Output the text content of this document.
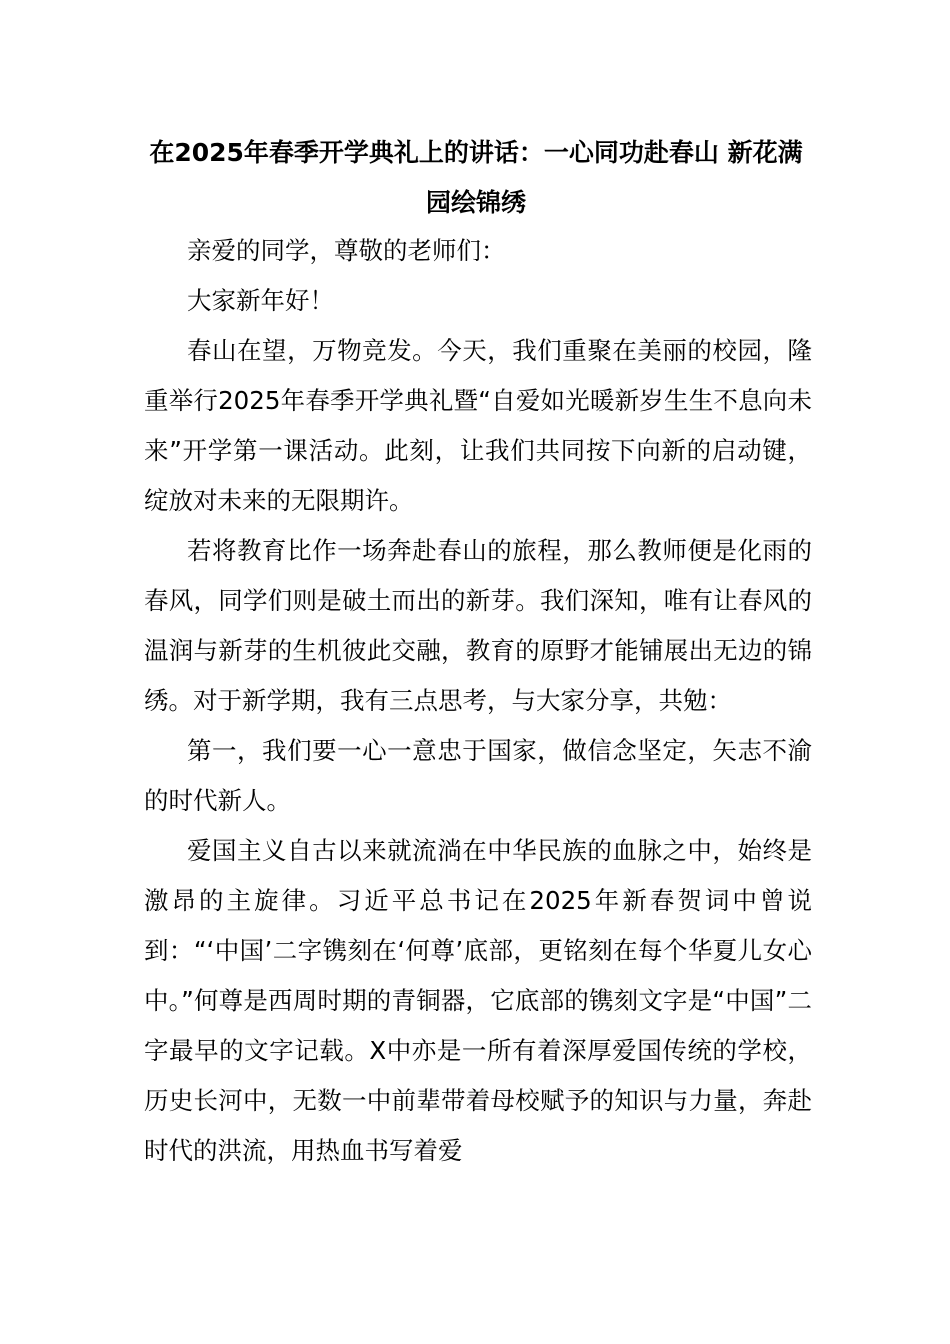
在2025年春季开学典礼上的讲话：一心同功赴春山 新花满园绘锦绣

亲爱的同学，尊敬的老师们：

大家新年好！

春山在望，万物竞发。今天，我们重聚在美丽的校园，隆重举行2025年春季开学典礼暨“自爱如光暖新岁生生不息向未来”开学第一课活动。此刻，让我们共同按下向新的启动键，绽放对未来的无限期许。

若将教育比作一场奔赴春山的旅程，那么教师便是化雨的春风，同学们则是破土而出的新芽。我们深知，唯有让春风的温润与新芽的生机彼此交融，教育的原野才能铺展出无边的锦绣。对于新学期，我有三点思考，与大家分享，共勉：

第一，我们要一心一意忠于国家，做信念坚定，矢志不渝的时代新人。

爱国主义自古以来就流淌在中华民族的血脉之中，始终是激昂的主旋律。习近平总书记在2025年新春贺词中曾说到：“‘中国’二字镌刻在‘何尊’底部，更铭刻在每个华夏儿女心中。”何尊是西周时期的青铜器，它底部的镌刻文字是“中国”二字最早的文字记载。X中亦是一所有着深厚爱国传统的学校，历史长河中，无数一中前辈带着母校赋予的知识与力量，奔赴时代的洪流，用热血书写着爱
